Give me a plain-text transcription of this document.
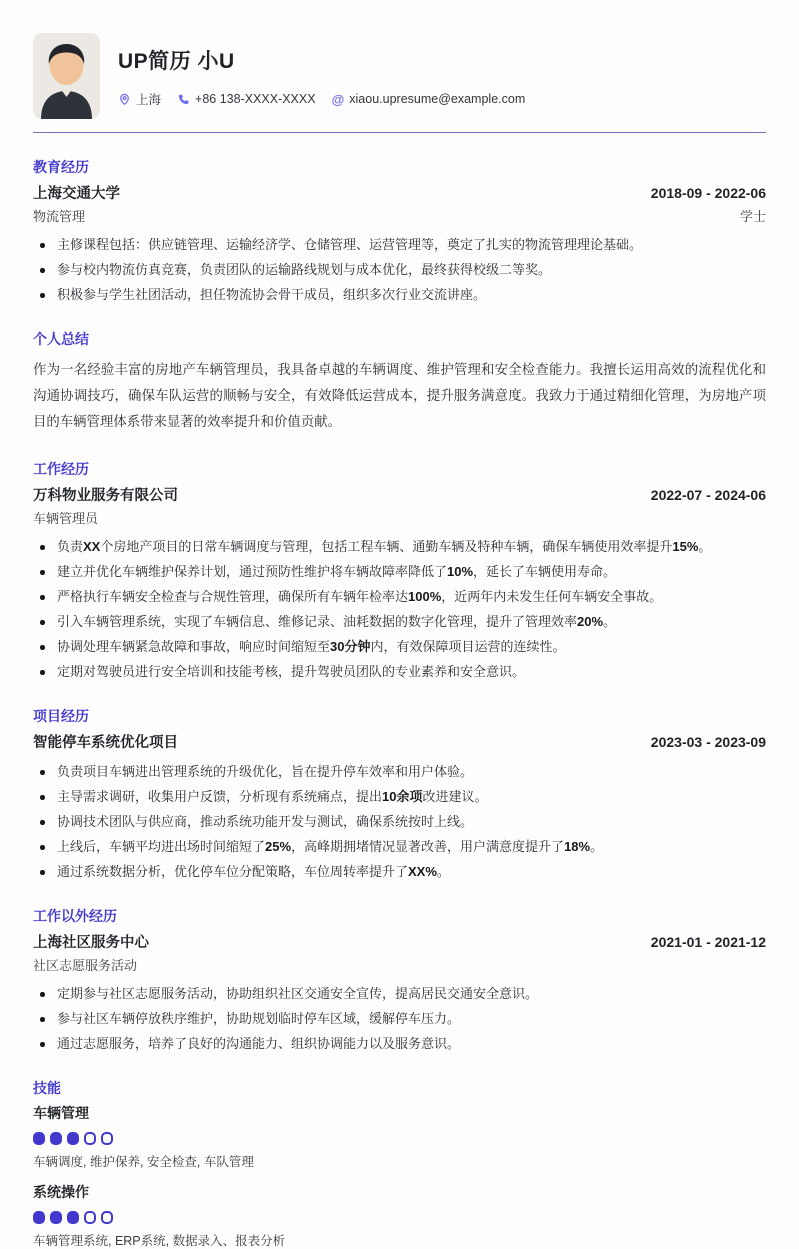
UP简历 小U
上海	+86 138-XXXX-XXXX @ xiaou.upresume@example.com
教育经历
上海交通大学	2018-09 - 2022-06
物流管理	学士
主修课程包括：供应链管理、运输经济学、仓储管理、运营管理等，奠定了扎实的物流管理理论基础。
参与校内物流仿真竞赛，负责团队的运输路线规划与成本优化，最终获得校级二等奖。
积极参与学生社团活动，担任物流协会骨干成员，组织多次行业交流讲座。
个人总结

作为一名经验丰富的房地产车辆管理员，我具备卓越的车辆调度、维护管理和安全检查能力。我擅长运用高效的流程优化和沟通协调技巧，确保车队运营的顺畅与安全，有效降低运营成本，提升服务满意度。我致力于通过精细化管理，为房地产项目的车辆管理体系带来显著的效率提升和价值贡献。

工作经历
万科物业服务有限公司	2022-07 - 2024-06
车辆管理员
负责XX个房地产项目的日常车辆调度与管理，包括工程车辆、通勤车辆及特种车辆，确保车辆使用效率提升15%。
建立并优化车辆维护保养计划，通过预防性维护将车辆故障率降低了10%，延长了车辆使用寿命。
严格执行车辆安全检查与合规性管理，确保所有车辆年检率达100%，近两年内未发生任何车辆安全事故。
引入车辆管理系统，实现了车辆信息、维修记录、油耗数据的数字化管理，提升了管理效率20%。
协调处理车辆紧急故障和事故，响应时间缩短至30分钟内，有效保障项目运营的连续性。
定期对驾驶员进行安全培训和技能考核，提升驾驶员团队的专业素养和安全意识。
项目经历
智能停车系统优化项目	2023-03 - 2023-09
负责项目车辆进出管理系统的升级优化，旨在提升停车效率和用户体验。
主导需求调研，收集用户反馈，分析现有系统痛点，提出10余项改进建议。
协调技术团队与供应商，推动系统功能开发与测试，确保系统按时上线。
上线后，车辆平均进出场时间缩短了25%，高峰期拥堵情况显著改善，用户满意度提升了18%。
通过系统数据分析，优化停车位分配策略，车位周转率提升了XX%。
工作以外经历
上海社区服务中心	2021-01 - 2021-12
社区志愿服务活动
定期参与社区志愿服务活动，协助组织社区交通安全宣传，提高居民交通安全意识。
参与社区车辆停放秩序维护，协助规划临时停车区域，缓解停车压力。
通过志愿服务，培养了良好的沟通能力、组织协调能力以及服务意识。
技能
车辆管理
车辆调度, 维护保养, 安全检查, 车队管理
系统操作
车辆管理系统, ERP系统, 数据录入、报表分析
